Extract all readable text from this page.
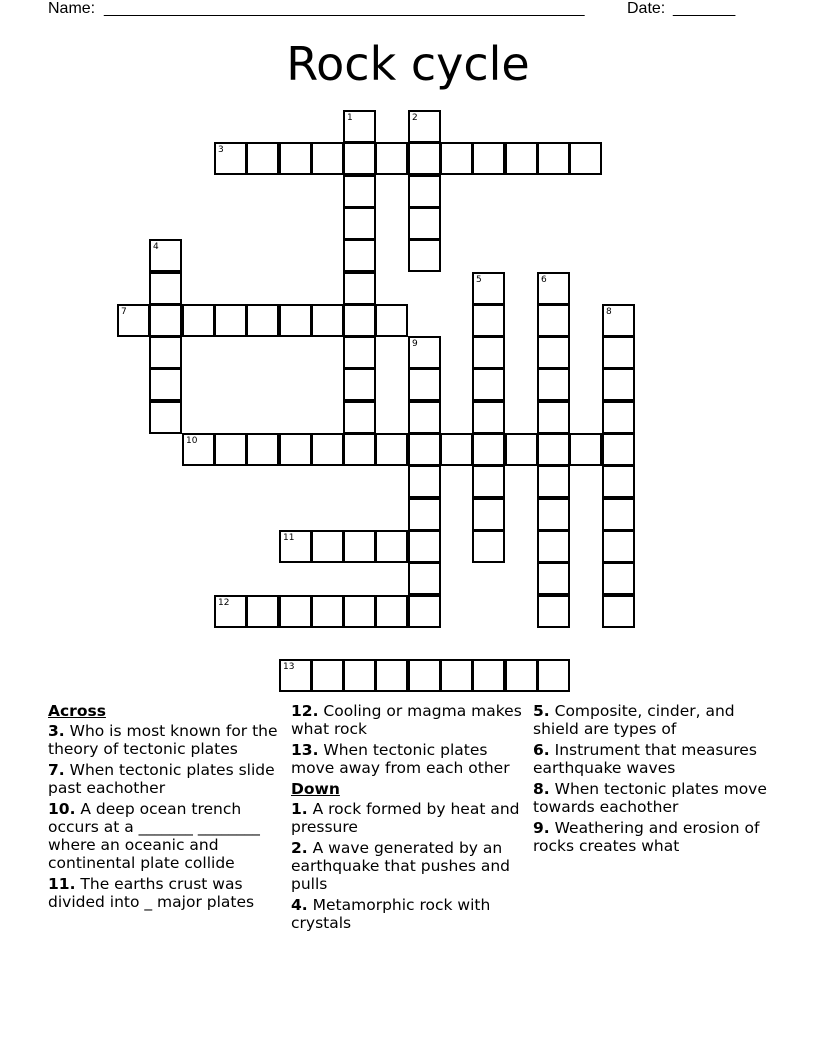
Name: ______________________________________________________	Date: _______
Rock cycle
3
7
10
11
12
13
1	2
4
5	6
8
9
Across
3. Who is most known for the theory of tectonic plates
7. When tectonic plates slide past eachother
10. A deep ocean trench occurs at a _______ ________ where an oceanic and continental plate collide
11. The earths crust was divided into _ major plates
12. Cooling or magma makes what rock
13. When tectonic plates move away from each other
Down
1. A rock formed by heat and pressure
2. A wave generated by an earthquake that pushes and pulls
4. Metamorphic rock with crystals
5. Composite, cinder, and shield are types of
6. Instrument that measures earthquake waves
8. When tectonic plates move towards eachother
9. Weathering and erosion of rocks creates what
